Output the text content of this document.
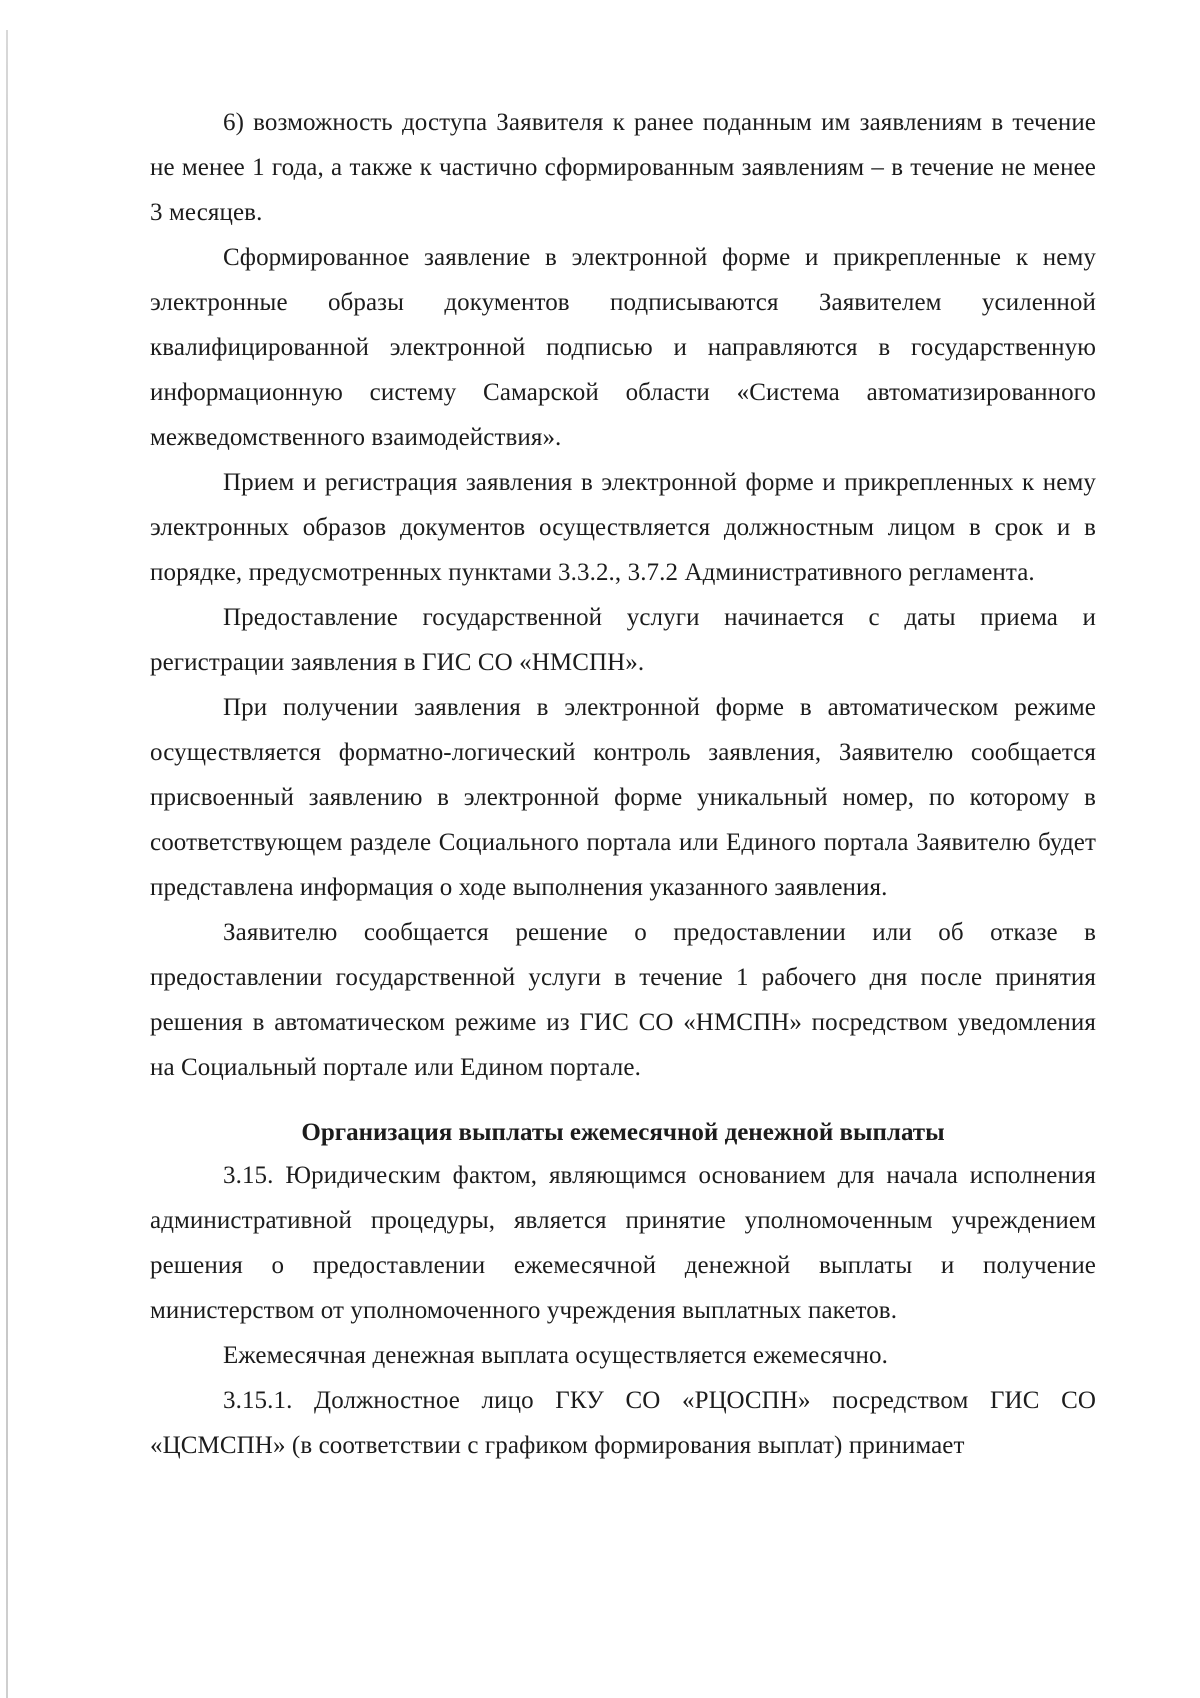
6) возможность доступа Заявителя к ранее поданным им заявлениям в течение не менее 1 года, а также к частично сформированным заявлениям – в течение не менее 3 месяцев.

Сформированное заявление в электронной форме и прикрепленные к нему электронные образы документов подписываются Заявителем усиленной квалифицированной электронной подписью и направляются в государственную информационную систему Самарской области «Система автоматизированного межведомственного взаимодействия».

Прием и регистрация заявления в электронной форме и прикрепленных к нему электронных образов документов осуществляется должностным лицом в срок и в порядке, предусмотренных пунктами 3.3.2., 3.7.2 Административного регламента.

Предоставление государственной услуги начинается с даты приема и регистрации заявления в ГИС СО «НМСПН».

При получении заявления в электронной форме в автоматическом режиме осуществляется форматно-логический контроль заявления, Заявителю сообщается присвоенный заявлению в электронной форме уникальный номер, по которому в соответствующем разделе Социального портала или Единого портала Заявителю будет представлена информация о ходе выполнения указанного заявления.

Заявителю сообщается решение о предоставлении или об отказе в предоставлении государственной услуги в течение 1 рабочего дня после принятия решения в автоматическом режиме из ГИС СО «НМСПН» посредством уведомления на Социальный портале или Едином портале.

Организация выплаты ежемесячной денежной выплаты

3.15. Юридическим фактом, являющимся основанием для начала исполнения административной процедуры, является принятие уполномоченным учреждением решения о предоставлении ежемесячной денежной выплаты и получение министерством от уполномоченного учреждения выплатных пакетов.

Ежемесячная денежная выплата осуществляется ежемесячно.

3.15.1. Должностное лицо ГКУ СО «РЦОСПН» посредством ГИС СО «ЦСМСПН» (в соответствии с графиком формирования выплат) принимает
